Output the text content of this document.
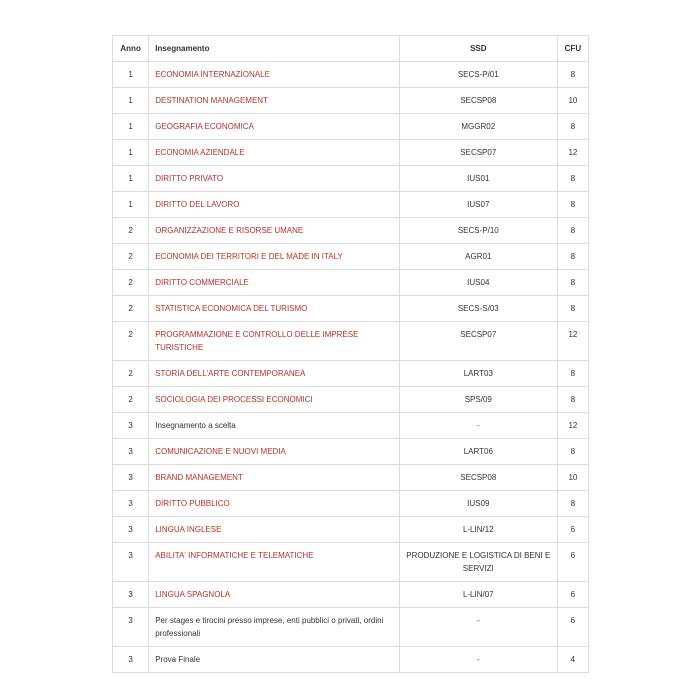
Anno	Insegnamento	SSD	CFU
1	ECONOMIA INTERNAZIONALE	SECS-P/01	8
1	DESTINATION MANAGEMENT	SECSP08	10
1	GEOGRAFIA ECONOMICA	MGGR02	8
1	ECONOMIA AZIENDALE	SECSP07	12
1	DIRITTO PRIVATO	IUS01	8
1	DIRITTO DEL LAVORO	IUS07	8
2	ORGANIZZAZIONE E RISORSE UMANE	SECS-P/10	8
2	ECONOMIA DEI TERRITORI E DEL MADE IN ITALY	AGR01	8
2	DIRITTO COMMERCIALE	IUS04	8
2	STATISTICA ECONOMICA DEL TURISMO	SECS-S/03	8
2	PROGRAMMAZIONE E CONTROLLO DELLE IMPRESE TURISTICHE	SECSP07	12
2	STORIA DELL'ARTE CONTEMPORANEA	LART03	8
2	SOCIOLOGIA DEI PROCESSI ECONOMICI	SPS/09	8
3	Insegnamento a scelta	-	12
3	COMUNICAZIONE E NUOVI MEDIA	LART06	8
3	BRAND MANAGEMENT	SECSP08	10
3	DIRITTO PUBBLICO	IUS09	8
3	LINGUA INGLESE	L-LIN/12	6
3	ABILITA' INFORMATICHE E TELEMATICHE	PRODUZIONE E LOGISTICA DI BENI E SERVIZI	6
3	LINGUA SPAGNOLA	L-LIN/07	6
3	Per stages e tirocini presso imprese, enti pubblici o privati, ordini professionali	-	6
3	Prova Finale	-	4
